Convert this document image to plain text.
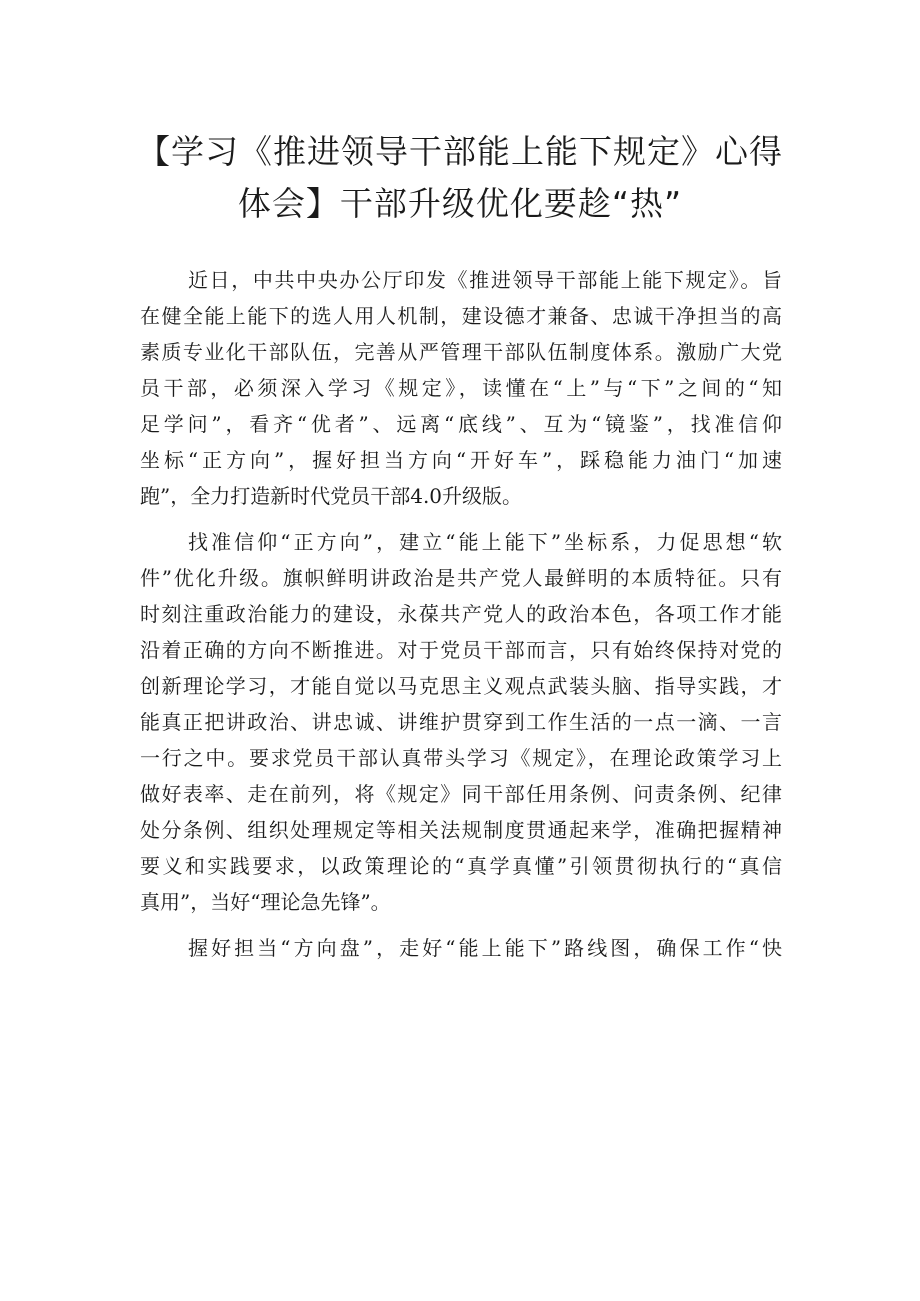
【学习《推进领导干部能上能下规定》心得
体会】干部升级优化要趁“热”
近日，中共中央办公厅印发《推进领导干部能上能下规定》。旨
在健全能上能下的选人用人机制，建设德才兼备、忠诚干净担当的高
素质专业化干部队伍，完善从严管理干部队伍制度体系。激励广大党
员干部，必须深入学习《规定》，读懂在“上”与“下”之间的“知
足学问”，看齐“优者”、远离“底线”、互为“镜鉴”，找准信仰
坐标“正方向”，握好担当方向“开好车”，踩稳能力油门“加速
跑”，全力打造新时代党员干部4.0升级版。
找准信仰“正方向”，建立“能上能下”坐标系，力促思想“软
件”优化升级。旗帜鲜明讲政治是共产党人最鲜明的本质特征。只有
时刻注重政治能力的建设，永葆共产党人的政治本色，各项工作才能
沿着正确的方向不断推进。对于党员干部而言，只有始终保持对党的
创新理论学习，才能自觉以马克思主义观点武装头脑、指导实践，才
能真正把讲政治、讲忠诚、讲维护贯穿到工作生活的一点一滴、一言
一行之中。要求党员干部认真带头学习《规定》，在理论政策学习上
做好表率、走在前列，将《规定》同干部任用条例、问责条例、纪律
处分条例、组织处理规定等相关法规制度贯通起来学，准确把握精神
要义和实践要求，以政策理论的“真学真懂”引领贯彻执行的“真信
真用”，当好“理论急先锋”。
握好担当“方向盘”，走好“能上能下”路线图，确保工作“快
